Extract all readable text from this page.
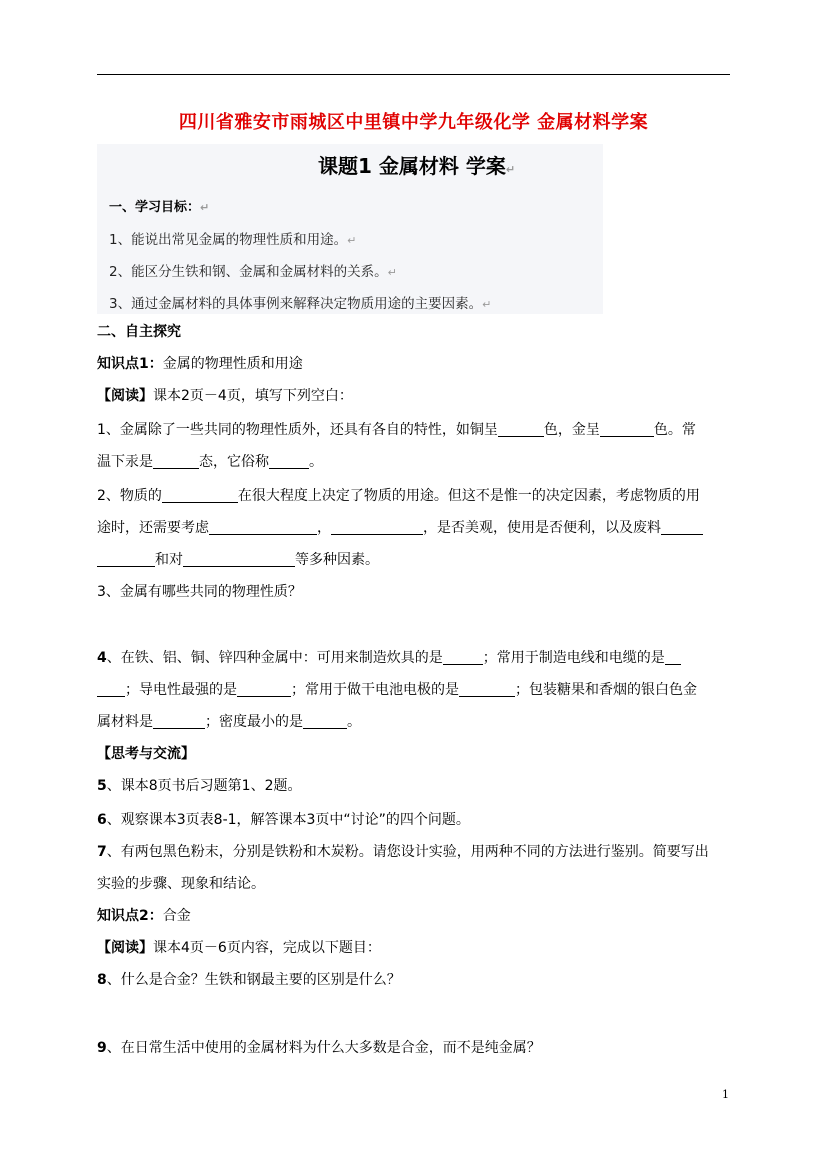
四川省雅安市雨城区中里镇中学九年级化学 金属材料学案
课题1 金属材料 学案↵
一、学习目标：↵
1、能说出常见金属的物理性质和用途。↵
2、能区分生铁和钢、金属和金属材料的关系。↵
3、通过金属材料的具体事例来解释决定物质用途的主要因素。↵
二、自主探究
知识点1：金属的物理性质和用途
【阅读】课本2页－4页，填写下列空白：
1、金属除了一些共同的物理性质外，还具有各自的特性，如铜呈	色，金呈	色。常
温下汞是	态，它俗称	。
2、物质的	在很大程度上决定了物质的用途。但这不是惟一的决定因素，考虑物质的用
途时，还需要考虑	，	，是否美观，使用是否便利，以及废料
和对	等多种因素。
3、金属有哪些共同的物理性质？
4、在铁、铝、铜、锌四种金属中：可用来制造炊具的是	；常用于制造电线和电缆的是
；导电性最强的是	；常用于做干电池电极的是	；包装糖果和香烟的银白色金
属材料是	；密度最小的是	。
【思考与交流】
5、课本8页书后习题第1、2题。
6、观察课本3页表8-1，解答课本3页中“讨论”的四个问题。
7、有两包黑色粉末，分别是铁粉和木炭粉。请您设计实验，用两种不同的方法进行鉴别。简要写出
实验的步骤、现象和结论。
知识点2：合金
【阅读】课本4页－6页内容，完成以下题目：
8、什么是合金？生铁和钢最主要的区别是什么？
9、在日常生活中使用的金属材料为什么大多数是合金，而不是纯金属？
1
